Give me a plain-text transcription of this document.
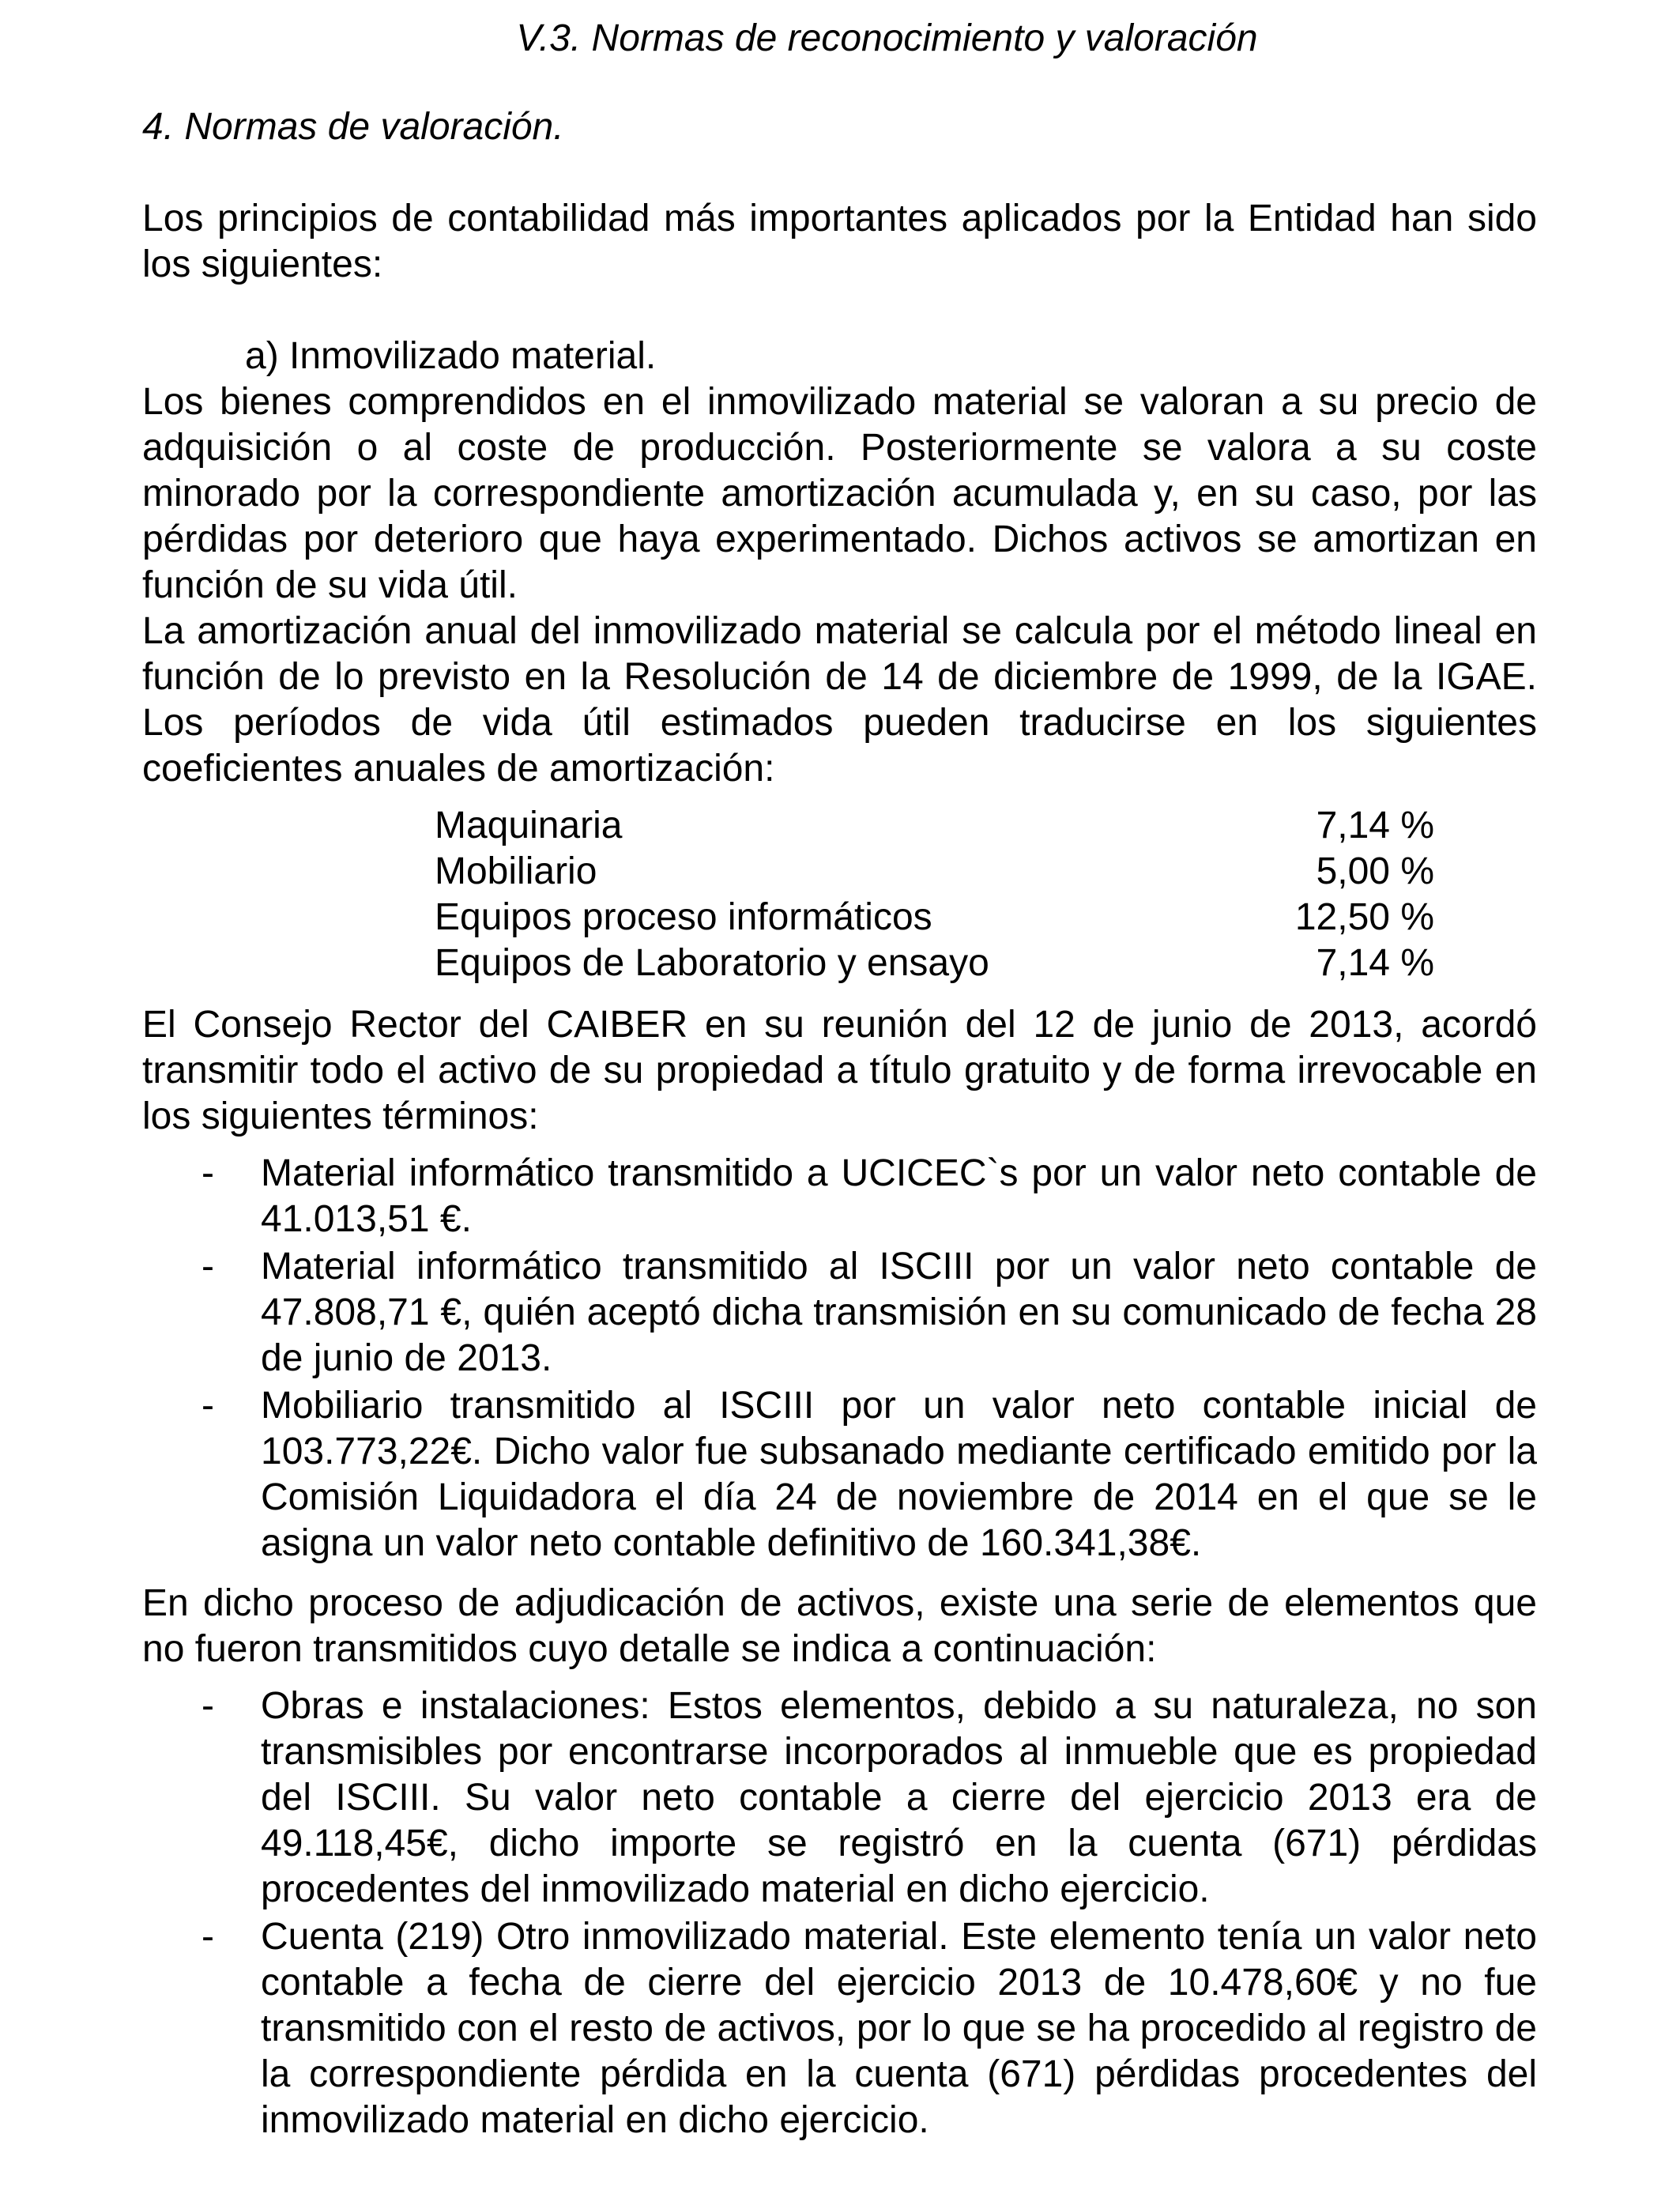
V.3. Normas de reconocimiento y valoración
4. Normas de valoración.

Los principios de contabilidad más importantes aplicados por la Entidad han sido los siguientes:

a) Inmovilizado material.

Los bienes comprendidos en el inmovilizado material se valoran a su precio de adquisición o al coste de producción. Posteriormente se valora a su coste minorado por la correspondiente amortización acumulada y, en su caso, por las pérdidas por deterioro que haya experimentado. Dichos activos se amortizan en función de su vida útil.

La amortización anual del inmovilizado material se calcula por el método lineal en función de lo previsto en la Resolución de 14 de diciembre de 1999, de la IGAE. Los períodos de vida útil estimados pueden traducirse en los siguientes coeficientes anuales de amortización:

Maquinaria	7,14 %
Mobiliario	5,00 %
Equipos proceso informáticos	12,50 %
Equipos de Laboratorio y ensayo	7,14 %

El Consejo Rector del CAIBER en su reunión del 12 de junio de 2013, acordó transmitir todo el activo de su propiedad a título gratuito y de forma irrevocable en los siguientes términos:

- Material informático transmitido a UCICEC`s por un valor neto contable de 41.013,51 €.
- Material informático transmitido al ISCIII por un valor neto contable de 47.808,71 €, quién aceptó dicha transmisión en su comunicado de fecha 28 de junio de 2013.
- Mobiliario transmitido al ISCIII por un valor neto contable inicial de 103.773,22€. Dicho valor fue subsanado mediante certificado emitido por la Comisión Liquidadora el día 24 de noviembre de 2014 en el que se le asigna un valor neto contable definitivo de 160.341,38€.

En dicho proceso de adjudicación de activos, existe una serie de elementos que no fueron transmitidos cuyo detalle se indica a continuación:

- Obras e instalaciones: Estos elementos, debido a su naturaleza, no son transmisibles por encontrarse incorporados al inmueble que es propiedad del ISCIII. Su valor neto contable a cierre del ejercicio 2013 era de 49.118,45€, dicho importe se registró en la cuenta (671) pérdidas procedentes del inmovilizado material en dicho ejercicio.
- Cuenta (219) Otro inmovilizado material. Este elemento tenía un valor neto contable a fecha de cierre del ejercicio 2013 de 10.478,60€ y no fue transmitido con el resto de activos, por lo que se ha procedido al registro de la correspondiente pérdida en la cuenta (671) pérdidas procedentes del inmovilizado material en dicho ejercicio.
